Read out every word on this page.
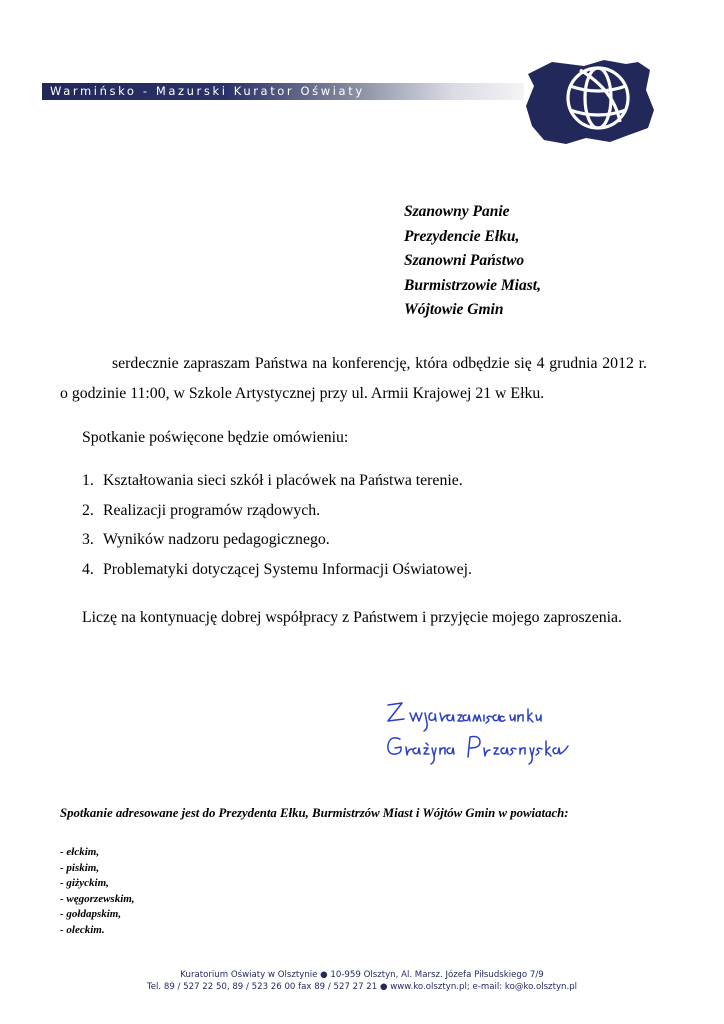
Warmińsko - Mazurski Kurator Oświaty
Szanowny Panie
Prezydencie Ełku,
Szanowni Państwo
Burmistrzowie Miast,
Wójtowie Gmin

serdecznie zapraszam Państwa na konferencję, która odbędzie się 4 grudnia 2012 r. o godzinie 11:00, w Szkole Artystycznej przy ul. Armii Krajowej 21 w Ełku.

Spotkanie poświęcone będzie omówieniu:

1. Kształtowania sieci szkół i placówek na Państwa terenie.
2. Realizacji programów rządowych.
3. Wyników nadzoru pedagogicznego.
4. Problematyki dotyczącej Systemu Informacji Oświatowej.

Liczę na kontynuację dobrej współpracy z Państwem i przyjęcie mojego zaproszenia.

Spotkanie adresowane jest do Prezydenta Ełku, Burmistrzów Miast i Wójtów Gmin w powiatach:

- ełckim,
- piskim,
- giżyckim,
- węgorzewskim,
- gołdapskim,
- oleckim.
Kuratorium Oświaty w Olsztynie ● 10-959 Olsztyn, Al. Marsz. Józefa Piłsudskiego 7/9
Tel. 89 / 527 22 50, 89 / 523 26 00 fax 89 / 527 27 21 ● www.ko.olsztyn.pl; e-mail: ko@ko.olsztyn.pl
